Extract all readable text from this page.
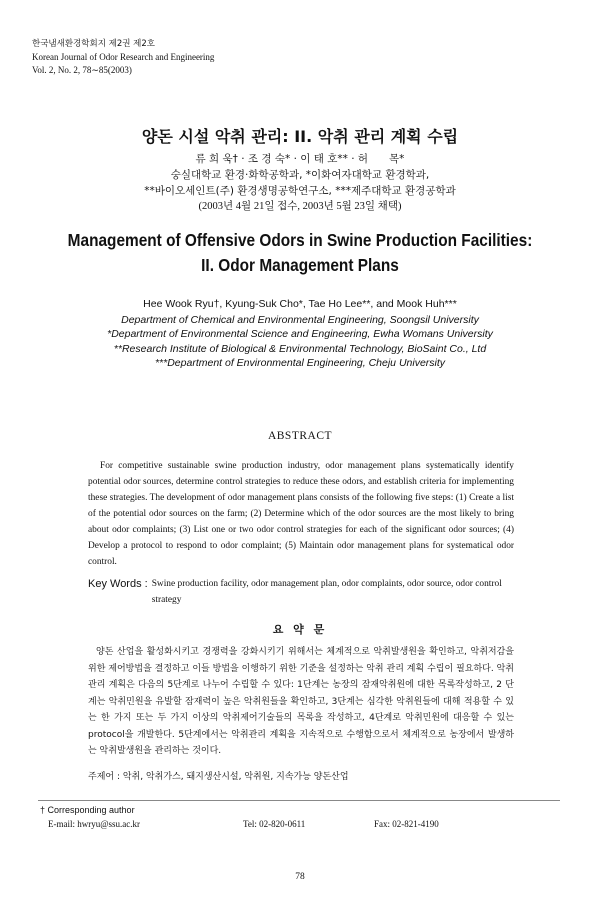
한국냄새환경학회지 제2권 제2호
Korean Journal of Odor Research and Engineering
Vol. 2, No. 2, 78∼85(2003)
양돈 시설 악취 관리: II. 악취 관리 계획 수립
류 희 욱† · 조 경 숙* · 이 태 호** · 허　　목*
숭실대학교 환경·화학공학과, *이화여자대학교 환경학과,
**바이오세인트(주) 환경생명공학연구소, ***제주대학교 환경공학과
(2003년 4월 21일 접수, 2003년 5월 23일 채택)
Management of Offensive Odors in Swine Production Facilities:
II. Odor Management Plans
Hee Wook Ryu†, Kyung-Suk Cho*, Tae Ho Lee**, and Mook Huh***
Department of Chemical and Environmental Engineering, Soongsil University
*Department of Environmental Science and Engineering, Ewha Womans University
**Research Institute of Biological & Environmental Technology, BioSaint Co., Ltd
***Department of Environmental Engineering, Cheju University
ABSTRACT
For competitive sustainable swine production industry, odor management plans systematically identify potential odor sources, determine control strategies to reduce these odors, and establish criteria for implementing these strategies. The development of odor management plans consists of the following five steps: (1) Create a list of the potential odor sources on the farm; (2) Determine which of the odor sources are the most likely to bring about odor complaints; (3) List one or two odor control strategies for each of the significant odor sources; (4) Develop a protocol to respond to odor complaint; (5) Maintain odor management plans for systematical odor control.
Key Words : Swine production facility, odor management plan, odor complaints, odor source, odor control strategy
요 약 문
양돈 산업을 활성화시키고 경쟁력을 강화시키기 위해서는 체계적으로 악취발생원을 확인하고, 악취저감을 위한 제어방법을 결정하고 이들 방법을 이행하기 위한 기준을 설정하는 악취 관리 계획 수립이 필요하다. 악취관리 계획은 다음의 5단계로 나누어 수립할 수 있다: 1단계는 농장의 잠재악취원에 대한 목록작성하고, 2 단계는 악취민원을 유발할 잠재력이 높은 악취원들을 확인하고, 3단계는 심각한 악취원들에 대해 적용할 수 있는 한 가지 또는 두 가지 이상의 악취제어기술들의 목록을 작성하고, 4단계로 악취민원에 대응할 수 있는 protocol을 개발한다. 5단계에서는 악취관리 계획을 지속적으로 수행함으로서 체계적으로 농장에서 발생하는 악취발생원을 관리하는 것이다.
주제어 : 악취, 악취가스, 돼지생산시설, 악취원, 지속가능 양돈산업
† Corresponding author
E-mail: hwryu@ssu.ac.kr	Tel: 02-820-0611	Fax: 02-821-4190
78
